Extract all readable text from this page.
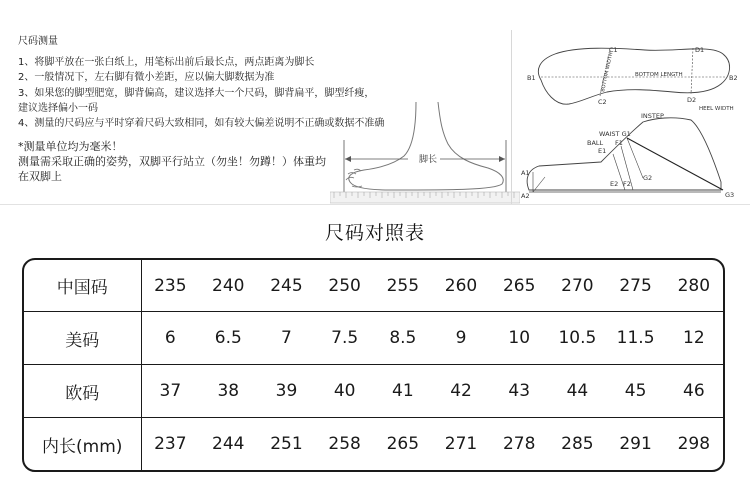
尺码测量
1、将脚平放在一张白纸上，用笔标出前后最长点，两点距离为脚长
2、一般情况下，左右脚有微小差距，应以偏大脚数据为准
3、如果您的脚型肥宽，脚背偏高，建议选择大一个尺码，脚背扁平，脚型纤瘦，
建议选择偏小一码
4、测量的尺码应与平时穿着尺码大致相同，如有较大偏差说明不正确或数据不准确
*测量单位均为毫米！
测量需采取正确的姿势，双脚平行站立（勿坐！勿蹲！）体重均
在双脚上
脚长
B1	B2
C1
C2
D1
D2
BOTTOM LENGTH
HEEL WIDTH
BOTTOM WIDTH
INSTEP
WAIST G1
BALL F1
E1
A1
A2
E2 F2
G2
G3
尺码对照表
中国码	235	240	245	250	255	260	265	270	275	280
美码	6	6.5	7	7.5	8.5	9	10	10.5	11.5	12
欧码	37	38	39	40	41	42	43	44	45	46
内长(mm)	237	244	251	258	265	271	278	285	291	298
